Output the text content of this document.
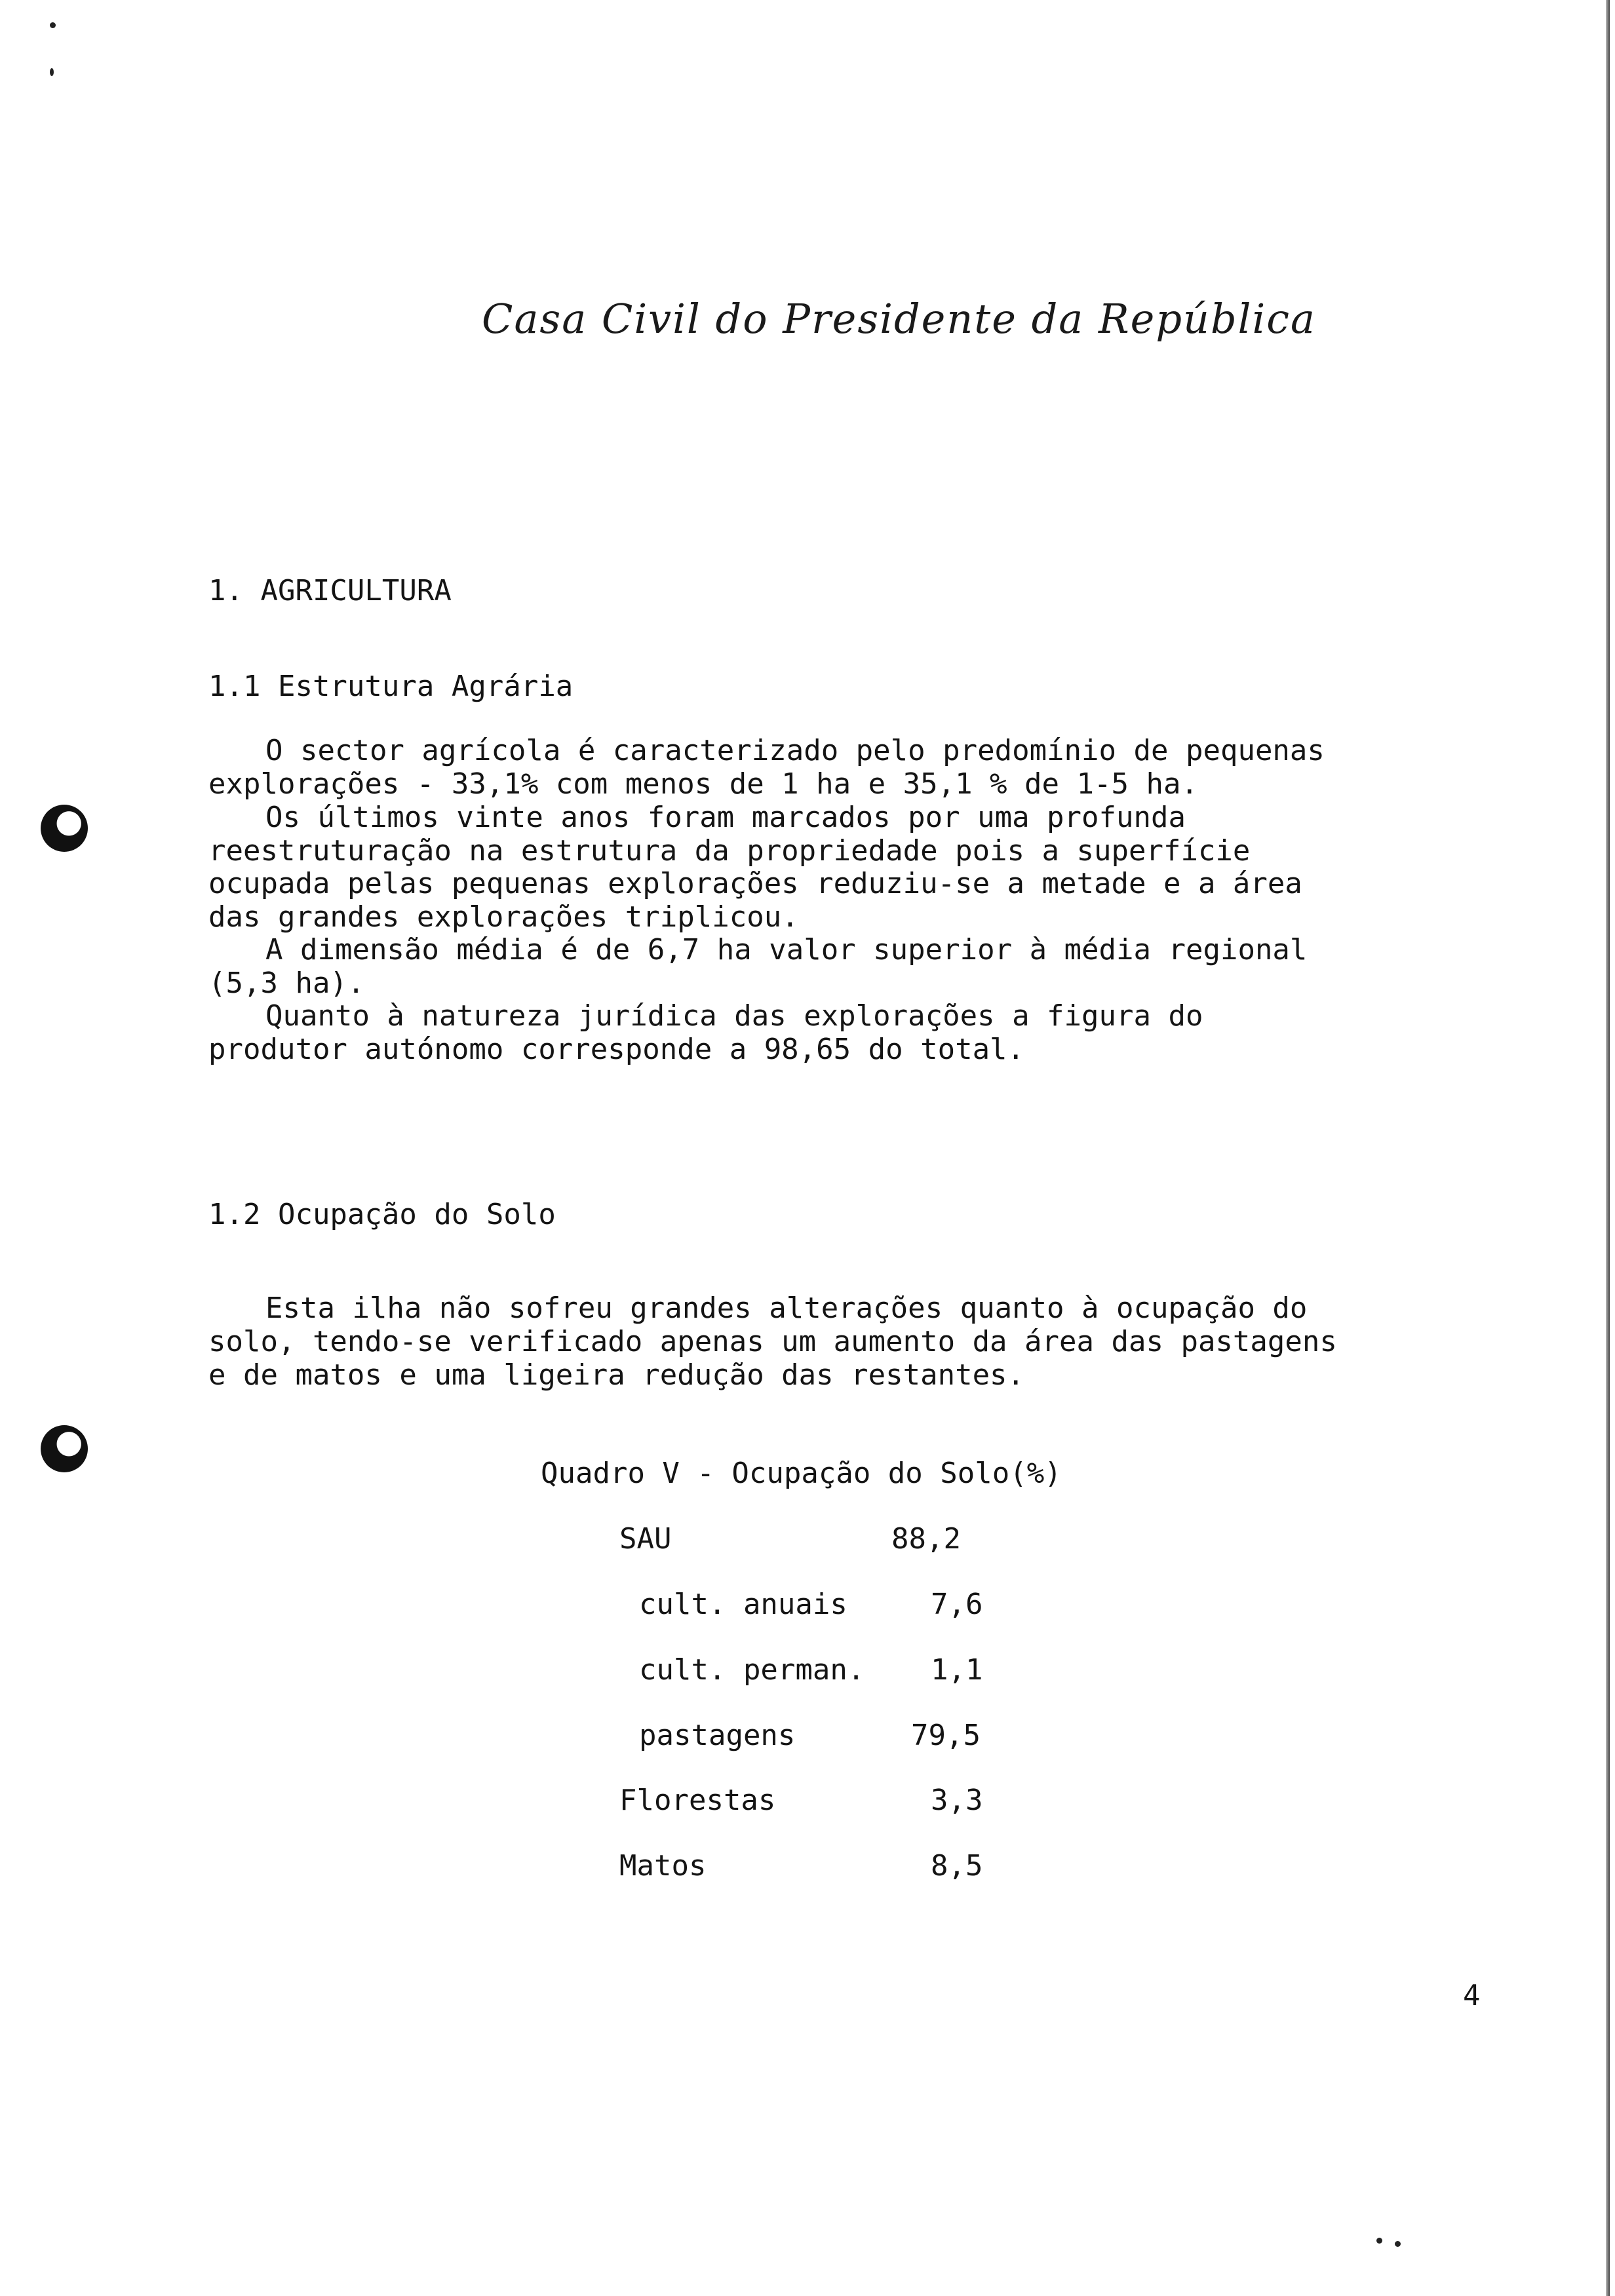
Casa Civil do Presidente da República
1. AGRICULTURA
1.1 Estrutura Agrária
O sector agrícola é caracterizado pelo predomínio de pequenas
explorações - 33,1% com menos de 1 ha e 35,1 % de 1-5 ha.
Os últimos vinte anos foram marcados por uma profunda
reestruturação na estrutura da propriedade pois a superfície
ocupada pelas pequenas explorações reduziu-se a metade e a área
das grandes explorações triplicou.
A dimensão média é de 6,7 ha valor superior à média regional
(5,3 ha).
Quanto à natureza jurídica das explorações a figura do
produtor autónomo corresponde a 98,65 do total.
1.2 Ocupação do Solo
Esta ilha não sofreu grandes alterações quanto à ocupação do
solo, tendo-se verificado apenas um aumento da área das pastagens
e de matos e uma ligeira redução das restantes.
Quadro V - Ocupação do Solo(%)
SAU	88,2
cult. anuais	7,6
cult. perman. 1,1
pastagens	79,5
Florestas	3,3
Matos	8,5
4
